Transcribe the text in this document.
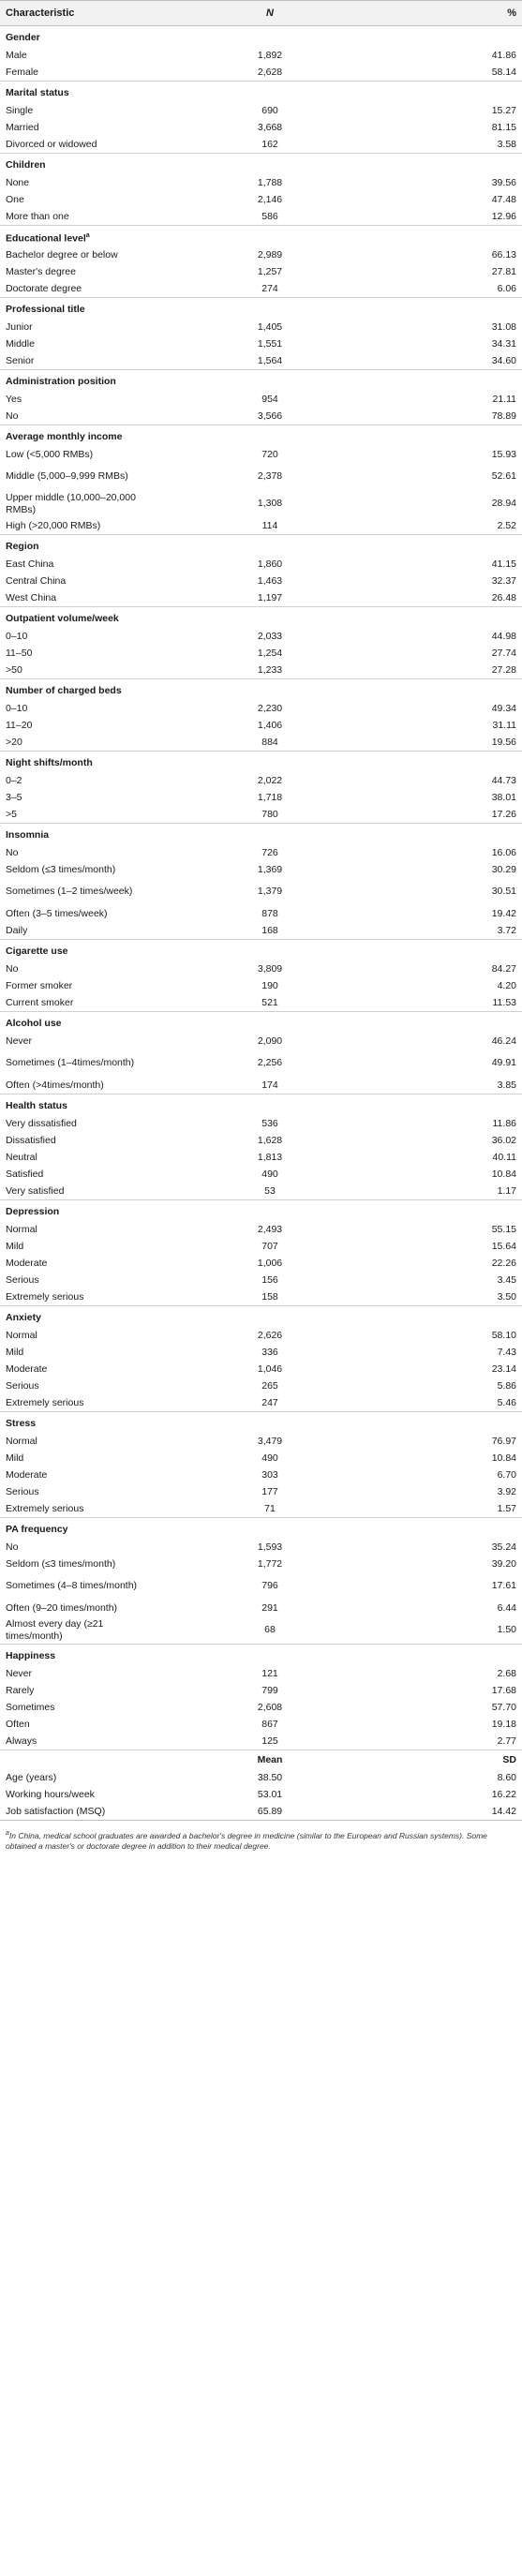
Characteristic	N	%
Gender		
Male	1,892	41.86
Female	2,628	58.14
Marital status		
Single	690	15.27
Married	3,668	81.15
Divorced or widowed	162	3.58
Children		
None	1,788	39.56
One	2,146	47.48
More than one	586	12.96
Educational level$^a$
Bachelor degree or below	2,989	66.13
Master's degree	1,257	27.81
Doctorate degree	274	6.06
Professional title		
Junior	1,405	31.08
Middle	1,551	34.31
Senior	1,564	34.60
Administration position		
Yes	954	21.11
No	3,566	78.89
Average monthly income		
Low (<5,000 RMBs)	720	15.93
Middle (5,000–9,999 RMBs)	2,378	52.61
Upper middle (10,000–20,000 RMBs)	1,308	28.94
High (>20,000 RMBs)	114	2.52
Region		
East China	1,860	41.15
Central China	1,463	32.37
West China	1,197	26.48
Outpatient volume/week		
0–10	2,033	44.98
11–50	1,254	27.74
>50	1,233	27.28
Number of charged beds		
0–10	2,230	49.34
11–20	1,406	31.11
>20	884	19.56
Night shifts/month		
0–2	2,022	44.73
3–5	1,718	38.01
>5	780	17.26
Insomnia		
No	726	16.06
Seldom (≤3 times/month)	1,369	30.29
Sometimes (1–2 times/week)	1,379	30.51
Often (3–5 times/week)	878	19.42
Daily	168	3.72
Cigarette use		
No	3,809	84.27
Former smoker	190	4.20
Current smoker	521	11.53
Alcohol use		
Never	2,090	46.24
Sometimes (1–4times/month)	2,256	49.91
Often (>4times/month)	174	3.85
Health status		
Very dissatisfied	536	11.86
Dissatisfied	1,628	36.02
Neutral	1,813	40.11
Satisfied	490	10.84
Very satisfied	53	1.17
Depression		
Normal	2,493	55.15
Mild	707	15.64
Moderate	1,006	22.26
Serious	156	3.45
Extremely serious	158	3.50
Anxiety		
Normal	2,626	58.10
Mild	336	7.43
Moderate	1,046	23.14
Serious	265	5.86
Extremely serious	247	5.46
Stress		
Normal	3,479	76.97
Mild	490	10.84
Moderate	303	6.70
Serious	177	3.92
Extremely serious	71	1.57
PA frequency		
No	1,593	35.24
Seldom (≤3 times/month)	1,772	39.20
Sometimes (4–8 times/month)	796	17.61
Often (9–20 times/month)	291	6.44
Almost every day (≥21 times/month)	68	1.50
Happiness		
Never	121	2.68
Rarely	799	17.68
Sometimes	2,608	57.70
Often	867	19.18
Always	125	2.77
	Mean	SD
Age (years)	38.50	8.60
Working hours/week	53.01	16.22
Job satisfaction (MSQ)	65.89	14.42
$^a$In China, medical school graduates are awarded a bachelor's degree in medicine (similar to the European and Russian systems). Some obtained a master's or doctorate degree in addition to their medical degree.
